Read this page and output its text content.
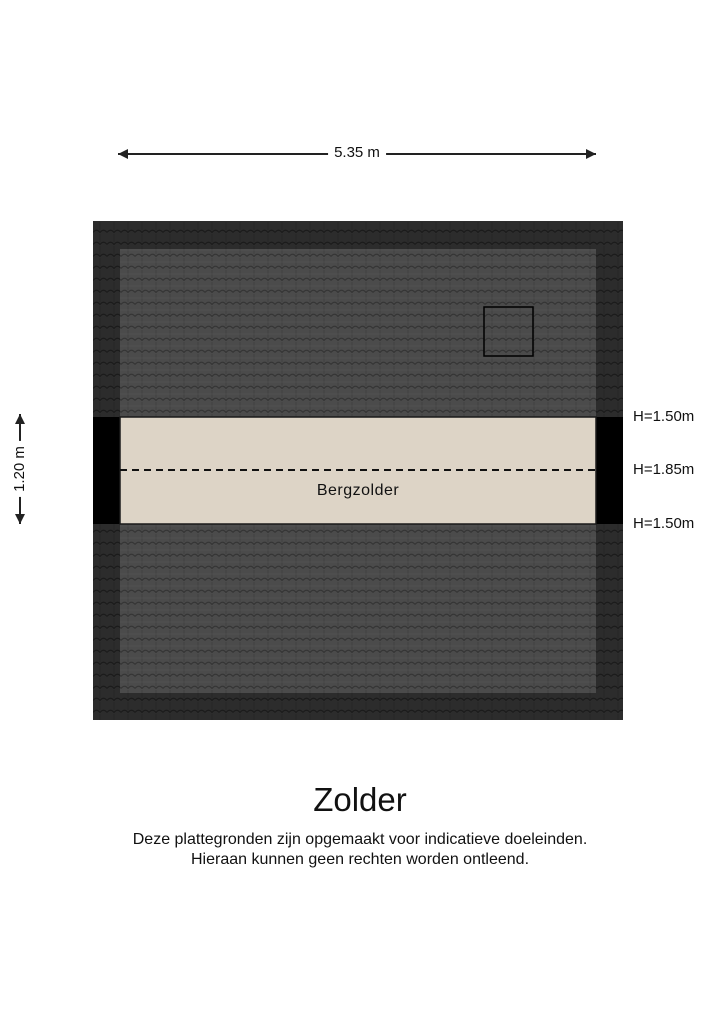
5.35 m
1.20 m	Bergzolder
H=1.50m
H=1.85m
H=1.50m
Zolder
Deze plattegronden zijn opgemaakt voor indicatieve doeleinden.
Hieraan kunnen geen rechten worden ontleend.
